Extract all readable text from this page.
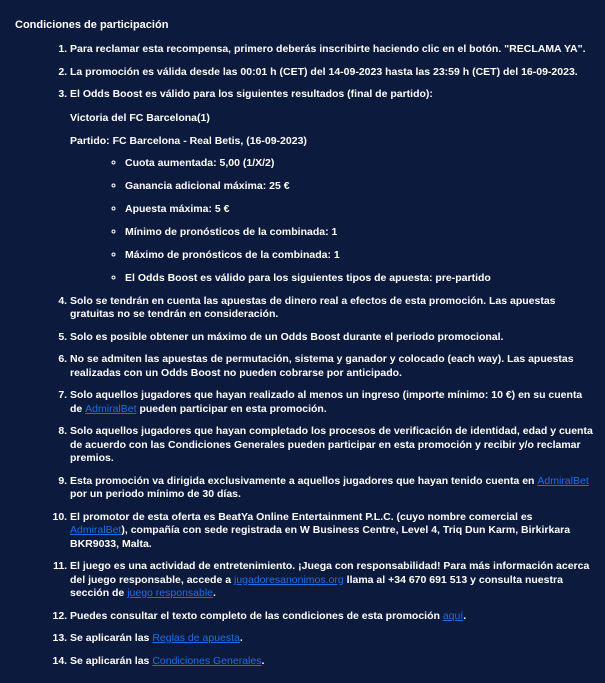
Condiciones de participación
1. Para reclamar esta recompensa, primero deberás inscribirte haciendo clic en el botón. "RECLAMA YA".
2. La promoción es válida desde las 00:01 h (CET) del 14-09-2023 hasta las 23:59 h (CET) del 16-09-2023.
3. El Odds Boost es válido para los siguientes resultados (final de partido):

Victoria del FC Barcelona(1)

Partido: FC Barcelona - Real Betis, (16-09-2023)

◦ Cuota aumentada: 5,00 (1/X/2)
◦ Ganancia adicional máxima: 25 €
◦ Apuesta máxima: 5 €
◦ Mínimo de pronósticos de la combinada: 1
◦ Máximo de pronósticos de la combinada: 1
◦ El Odds Boost es válido para los siguientes tipos de apuesta: pre-partido
4. Solo se tendrán en cuenta las apuestas de dinero real a efectos de esta promoción. Las apuestas gratuitas no se tendrán en consideración.
5. Solo es posible obtener un máximo de un Odds Boost durante el periodo promocional.
6. No se admiten las apuestas de permutación, sistema y ganador y colocado (each way). Las apuestas realizadas con un Odds Boost no pueden cobrarse por anticipado.
7. Solo aquellos jugadores que hayan realizado al menos un ingreso (importe mínimo: 10 €) en su cuenta de AdmiralBet pueden participar en esta promoción.
8. Solo aquellos jugadores que hayan completado los procesos de verificación de identidad, edad y cuenta de acuerdo con las Condiciones Generales pueden participar en esta promoción y recibir y/o reclamar premios.
9. Esta promoción va dirigida exclusivamente a aquellos jugadores que hayan tenido cuenta en AdmiralBet por un periodo mínimo de 30 días.
10. El promotor de esta oferta es BeatYa Online Entertainment P.L.C. (cuyo nombre comercial es AdmiralBet), compañía con sede registrada en W Business Centre, Level 4, Triq Dun Karm, Birkirkara BKR9033, Malta.
11. El juego es una actividad de entretenimiento. ¡Juega con responsabilidad! Para más información acerca del juego responsable, accede a jugadoresanonimos.org llama al +34 670 691 513 y consulta nuestra sección de juego responsable.
12. Puedes consultar el texto completo de las condiciones de esta promoción aquí.
13. Se aplicarán las Reglas de apuesta.
14. Se aplicarán las Condiciones Generales.
